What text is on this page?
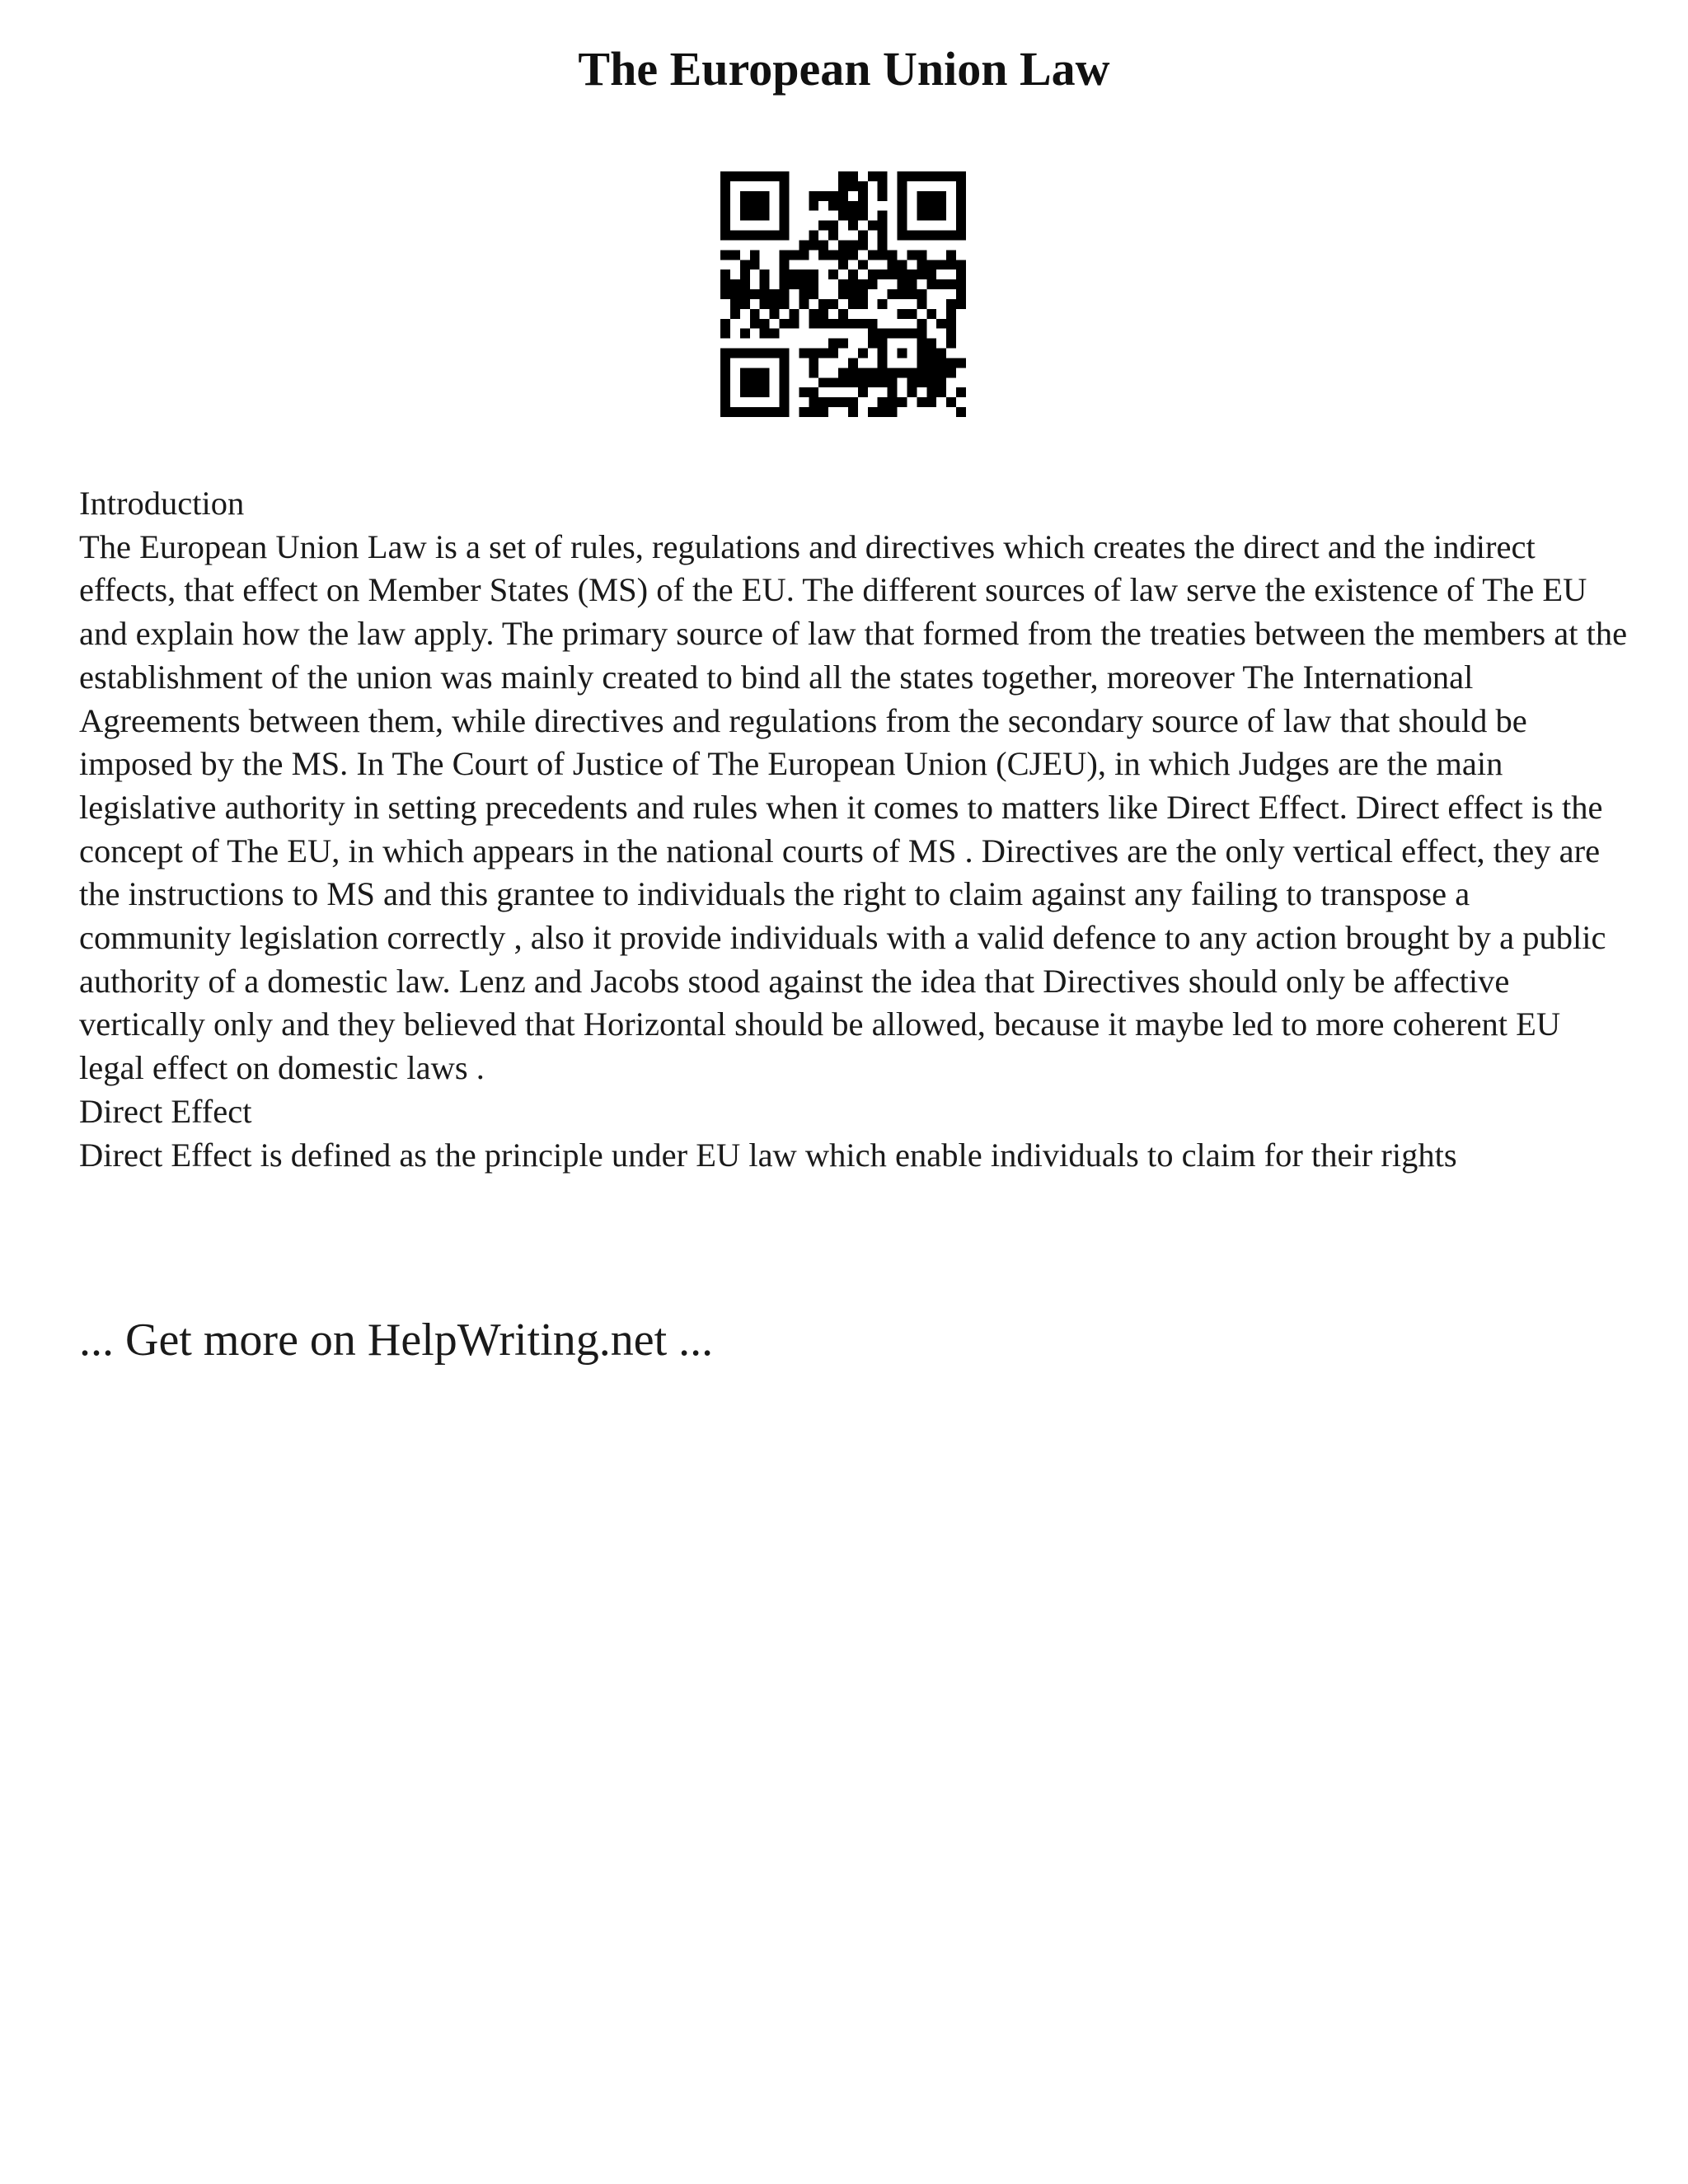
The European Union Law

Introduction

The European Union Law is a set of rules, regulations and directives which creates the direct and the indirect effects, that effect on Member States (MS) of the EU. The different sources of law serve the existence of The EU and explain how the law apply. The primary source of law that formed from the treaties between the members at the establishment of the union was mainly created to bind all the states together, moreover The International Agreements between them, while directives and regulations from the secondary source of law that should be imposed by the MS. In The Court of Justice of The European Union (CJEU), in which Judges are the main legislative authority in setting precedents and rules when it comes to matters like Direct Effect. Direct effect is the concept of The EU, in which appears in the national courts of MS . Directives are the only vertical effect, they are the instructions to MS and this grantee to individuals the right to claim against any failing to transpose a community legislation correctly , also it provide individuals with a valid defence to any action brought by a public authority of a domestic law. Lenz and Jacobs stood against the idea that Directives should only be affective vertically only and they believed that Horizontal should be allowed, because it maybe led to more coherent EU legal effect on domestic laws .

Direct Effect

Direct Effect is defined as the principle under EU law which enable individuals to claim for their rights

... Get more on HelpWriting.net ...
